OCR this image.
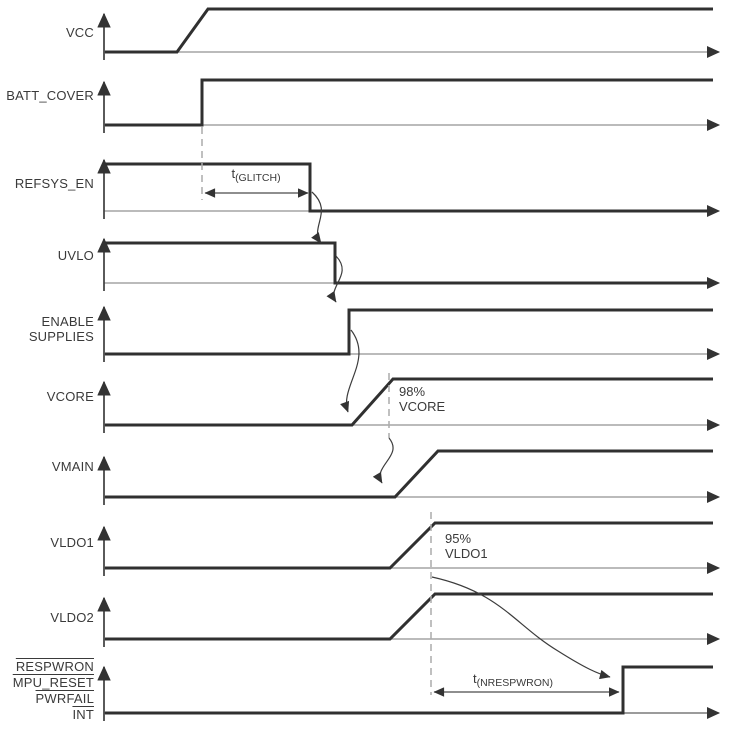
VCC
BATT_COVER
REFSYS_EN
UVLO
ENABLE
SUPPLIES
VCORE
VMAIN
VLDO1
VLDO2
RESPWRON
MPU_RESET
PWRFAIL
$\overline{INT}$
$t_{(GLITCH)}$
98%
VCORE
95%
VLDO1
$t_{(NRESPWRON)}$
